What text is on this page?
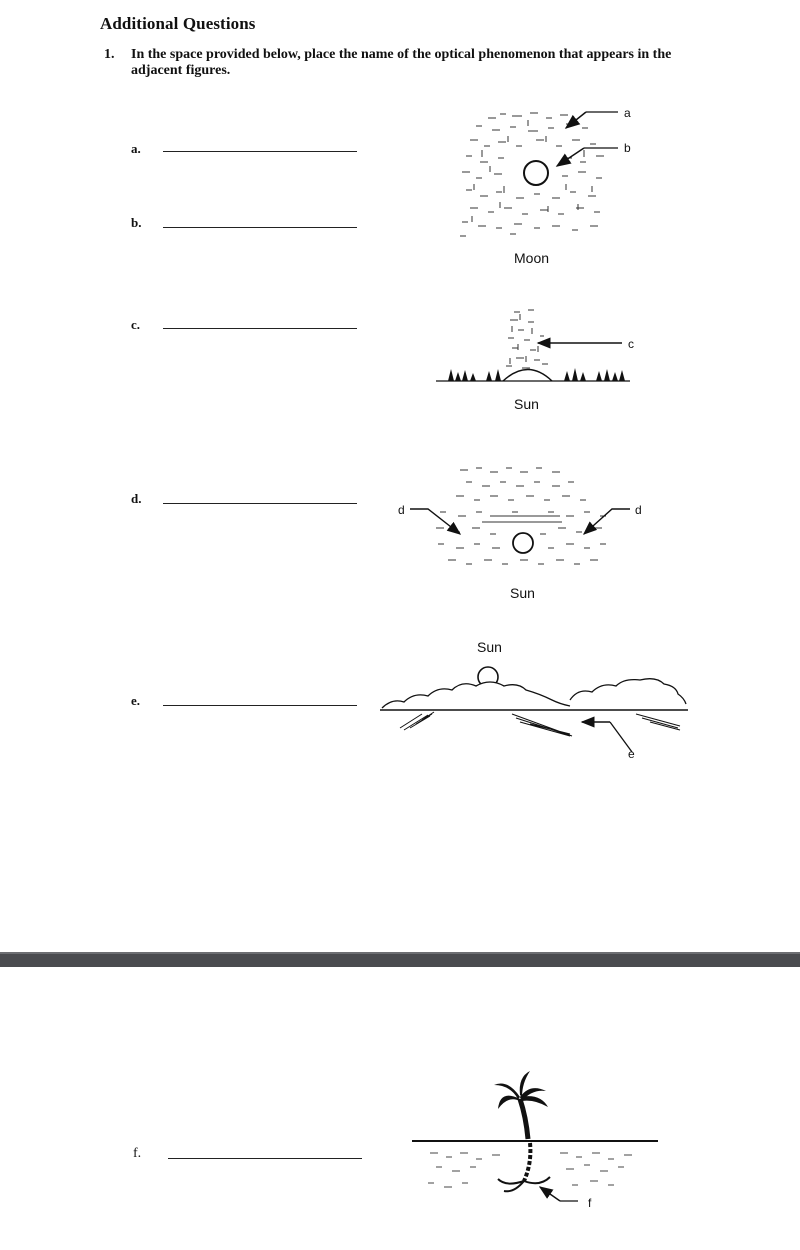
Additional Questions
1. In the space provided below, place the name of the optical phenomenon that appears in the adjacent figures.
a.
b.
c.
d.
e.
a
b
Moon
c
Sun
d	d
Sun
Sun
e
f.
f
